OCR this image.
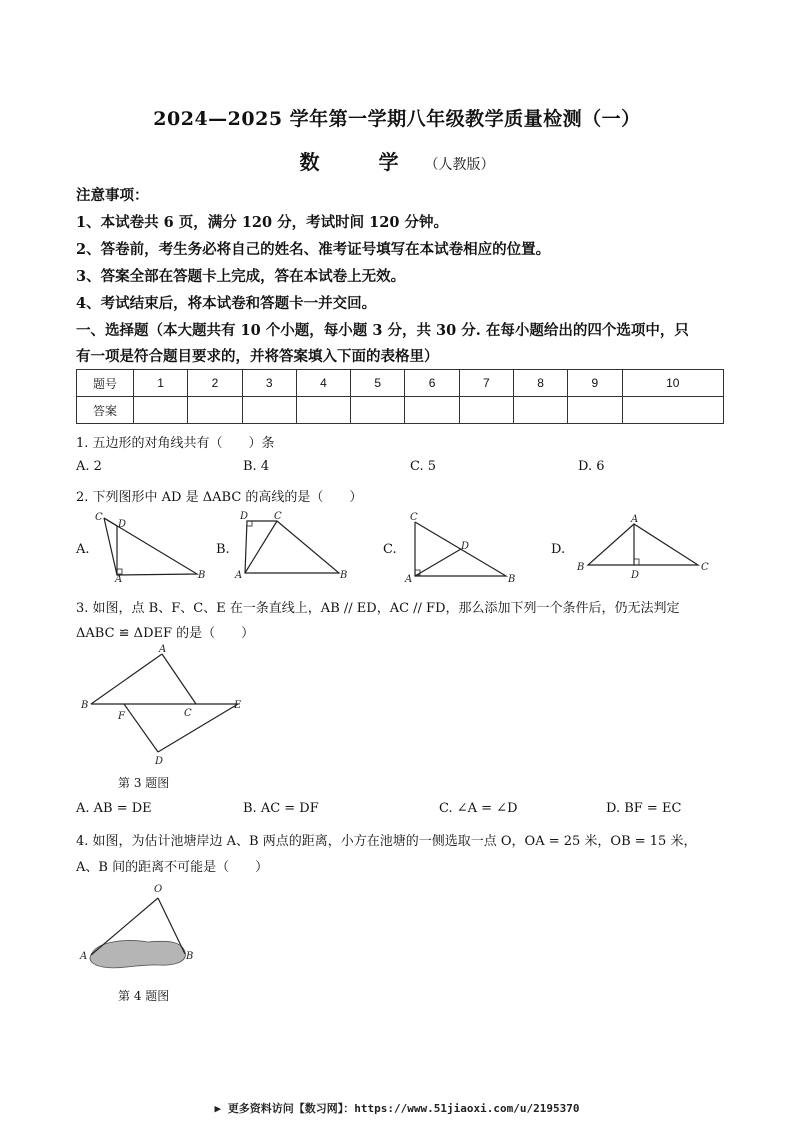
2024—2025 学年第一学期八年级教学质量检测（一）
数 学（人教版）
注意事项：
1、本试卷共 6 页，满分 120 分，考试时间 120 分钟。
2、答卷前，考生务必将自己的姓名、准考证号填写在本试卷相应的位置。
3、答案全部在答题卡上完成，答在本试卷上无效。
4、考试结束后，将本试卷和答题卡一并交回。
一、选择题（本大题共有 10 个小题，每小题 3 分，共 30 分. 在每小题给出的四个选项中，只
有一项是符合题目要求的，并将答案填入下面的表格里）
题号	1	2	3	4	5	6	7	8	9	10
答案										
1. 五边形的对角线共有（　　）条
A. 2	B. 4	C. 5	D. 6
2. 下列图形中 AD 是 ΔABC 的高线的是（　　）
A.	B.	C.	D.
C
D
A	B
D	C
A	B
C
D
A	B
A
B
D
C
3. 如图，点 B、F、C、E 在一条直线上，AB // ED，AC // FD，那么添加下列一个条件后，仍无法判定
ΔABC ≌ ΔDEF 的是（　　）
A
B
F	C
E
D
第 3 题图
A. AB = DE	B. AC = DF	C. ∠A = ∠D	D. BF = EC
4. 如图，为估计池塘岸边 A、B 两点的距离，小方在池塘的一侧选取一点 O，OA = 25 米，OB = 15 米，
A、B 间的距离不可能是（　　）
O
A	B
第 4 题图
▶ 更多资料访问【数习网】：https://www.51jiaoxi.com/u/2195370
